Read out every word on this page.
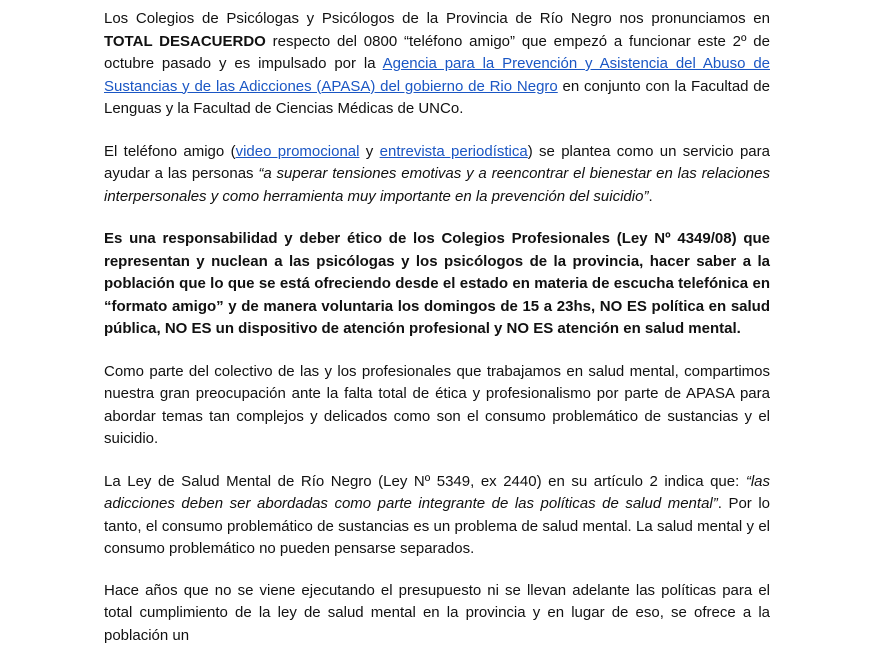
Los Colegios de Psicólogas y Psicólogos de la Provincia de Río Negro nos pronunciamos en TOTAL DESACUERDO respecto del 0800 “teléfono amigo” que empezó a funcionar este 2º de octubre pasado y es impulsado por la Agencia para la Prevención y Asistencia del Abuso de Sustancias y de las Adicciones (APASA) del gobierno de Rio Negro en conjunto con la Facultad de Lenguas y la Facultad de Ciencias Médicas de UNCo.

El teléfono amigo (video promocional y entrevista periodística) se plantea como un servicio para ayudar a las personas “a superar tensiones emotivas y a reencontrar el bienestar en las relaciones interpersonales y como herramienta muy importante en la prevención del suicidio”.

Es una responsabilidad y deber ético de los Colegios Profesionales (Ley Nº 4349/08) que representan y nuclean a las psicólogas y los psicólogos de la provincia, hacer saber a la población que lo que se está ofreciendo desde el estado en materia de escucha telefónica en “formato amigo” y de manera voluntaria los domingos de 15 a 23hs, NO ES política en salud pública, NO ES un dispositivo de atención profesional y NO ES atención en salud mental.

Como parte del colectivo de las y los profesionales que trabajamos en salud mental, compartimos nuestra gran preocupación ante la falta total de ética y profesionalismo por parte de APASA para abordar temas tan complejos y delicados como son el consumo problemático de sustancias y el suicidio.

La Ley de Salud Mental de Río Negro (Ley Nº 5349, ex 2440) en su artículo 2 indica que: “las adicciones deben ser abordadas como parte integrante de las políticas de salud mental”. Por lo tanto, el consumo problemático de sustancias es un problema de salud mental. La salud mental y el consumo problemático no pueden pensarse separados.

Hace años que no se viene ejecutando el presupuesto ni se llevan adelante las políticas para el total cumplimiento de la ley de salud mental en la provincia y en lugar de eso, se ofrece a la población un
